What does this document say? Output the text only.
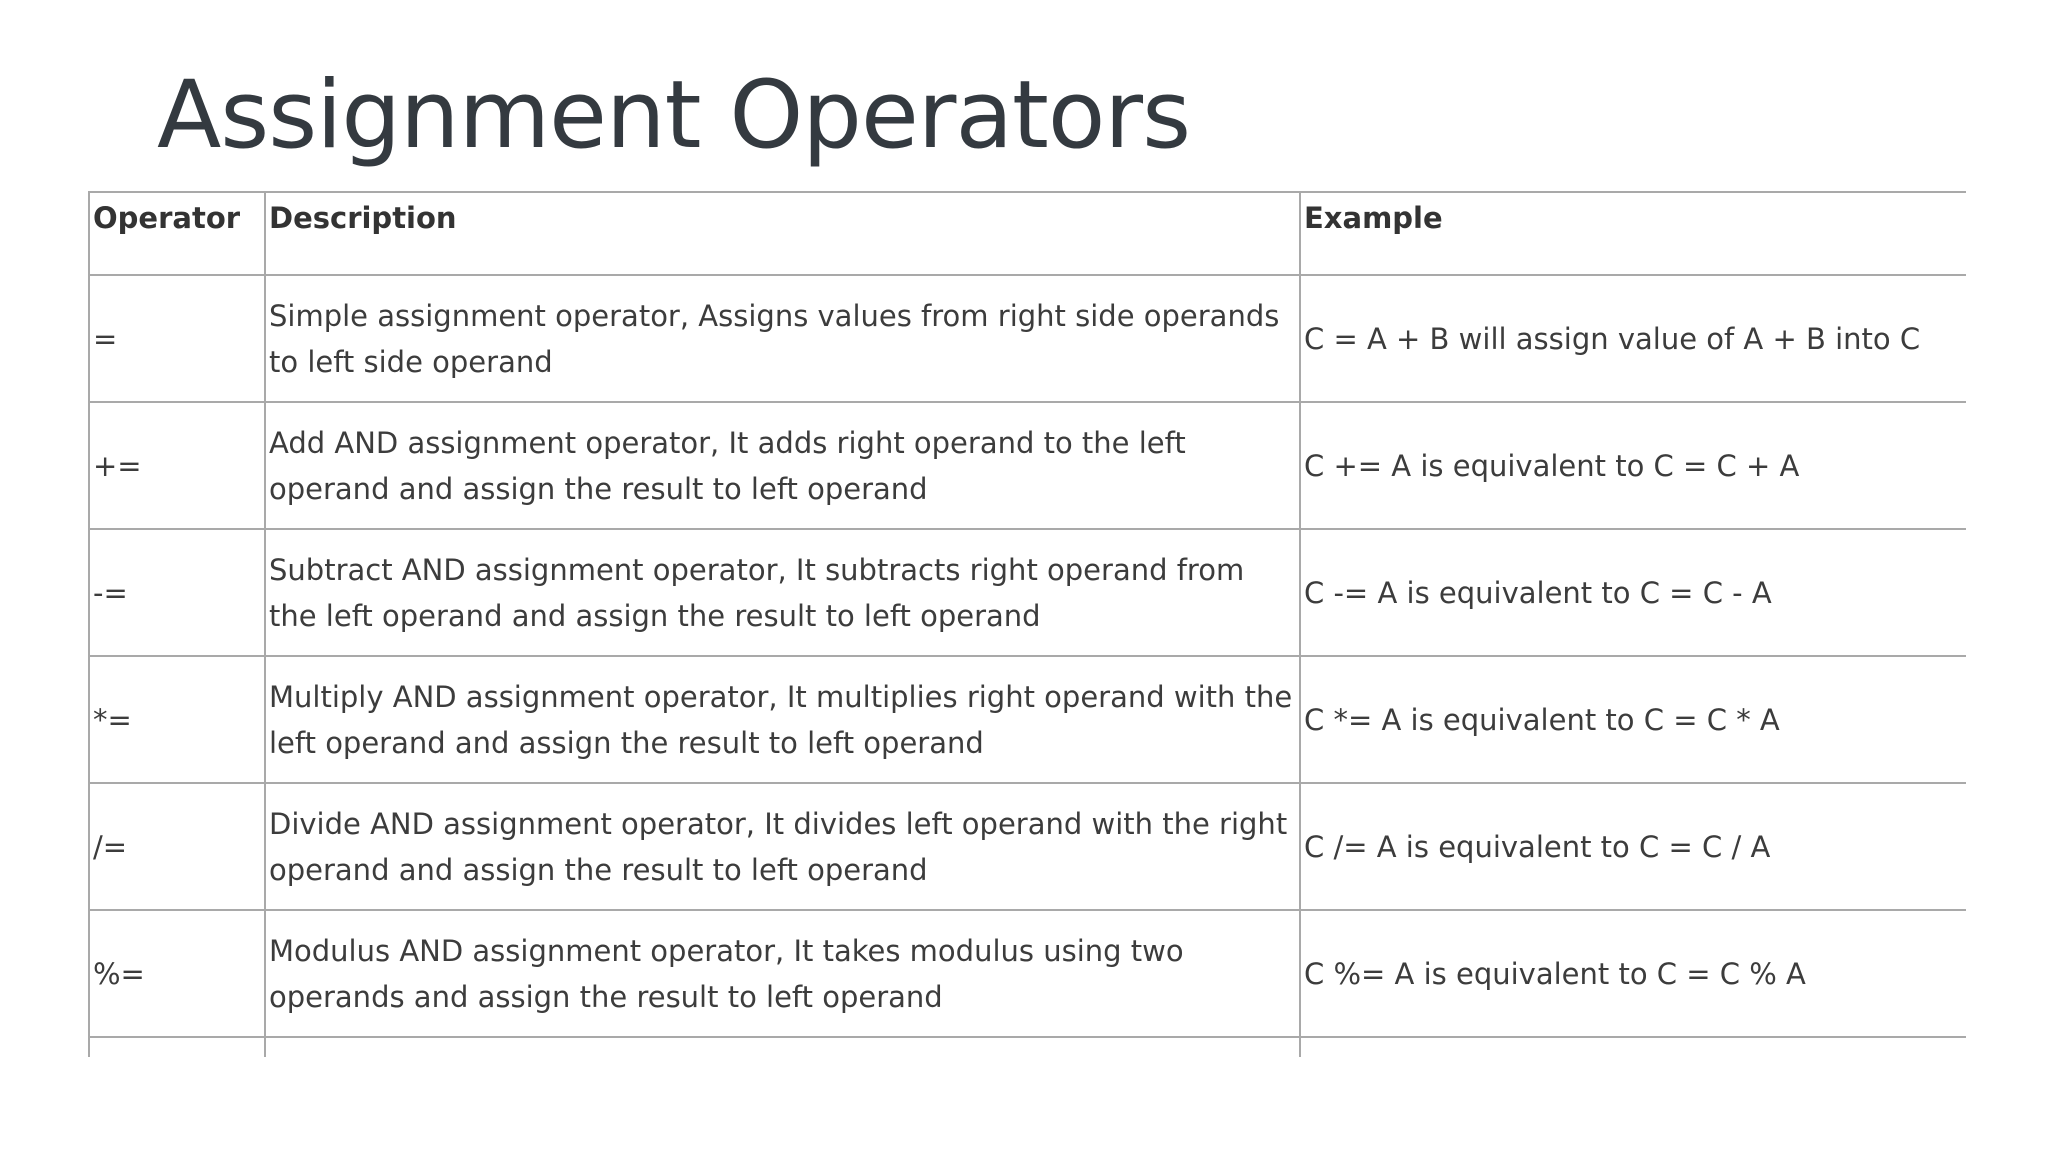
Assignment Operators
Operator	Description	Example
=	Simple assignment operator, Assigns values from right side operands to left side operand	C = A + B will assign value of A + B into C
+=	Add AND assignment operator, It adds right operand to the left operand and assign the result to left operand	C += A is equivalent to C = C + A
-=	Subtract AND assignment operator, It subtracts right operand from the left operand and assign the result to left operand	C -= A is equivalent to C = C - A
*=	Multiply AND assignment operator, It multiplies right operand with the left operand and assign the result to left operand	C *= A is equivalent to C = C * A
/=	Divide AND assignment operator, It divides left operand with the right operand and assign the result to left operand	C /= A is equivalent to C = C / A
%=	Modulus AND assignment operator, It takes modulus using two operands and assign the result to left operand	C %= A is equivalent to C = C % A
